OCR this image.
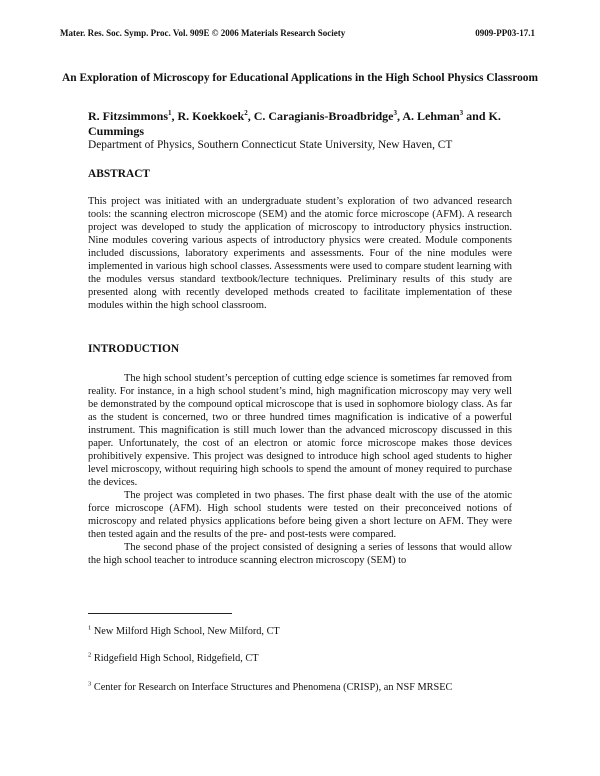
Mater. Res. Soc. Symp. Proc. Vol. 909E © 2006 Materials Research Society	0909-PP03-17.1
An Exploration of Microscopy for Educational Applications in the High School Physics Classroom
R. Fitzsimmons$^1$, R. Koekkoek$^2$, C. Caragianis-Broadbridge$^3$, A. Lehman$^3$ and K. Cummings
Department of Physics, Southern Connecticut State University, New Haven, CT
ABSTRACT

This project was initiated with an undergraduate student’s exploration of two advanced research tools: the scanning electron microscope (SEM) and the atomic force microscope (AFM). A research project was developed to study the application of microscopy to introductory physics instruction. Nine modules covering various aspects of introductory physics were created. Module components included discussions, laboratory experiments and assessments. Four of the nine modules were implemented in various high school classes. Assessments were used to compare student learning with the modules versus standard textbook/lecture techniques. Preliminary results of this study are presented along with recently developed methods created to facilitate implementation of these modules within the high school classroom.

INTRODUCTION

The high school student’s perception of cutting edge science is sometimes far removed from reality. For instance, in a high school student’s mind, high magnification microscopy may very well be demonstrated by the compound optical microscope that is used in sophomore biology class. As far as the student is concerned, two or three hundred times magnification is indicative of a powerful instrument. This magnification is still much lower than the advanced microscopy discussed in this paper. Unfortunately, the cost of an electron or atomic force microscope makes those devices prohibitively expensive. This project was designed to introduce high school aged students to higher level microscopy, without requiring high schools to spend the amount of money required to purchase the devices.

The project was completed in two phases. The first phase dealt with the use of the atomic force microscope (AFM). High school students were tested on their preconceived notions of microscopy and related physics applications before being given a short lecture on AFM. They were then tested again and the results of the pre- and post-tests were compared.

The second phase of the project consisted of designing a series of lessons that would allow the high school teacher to introduce scanning electron microscopy (SEM) to

$^1$ New Milford High School, New Milford, CT
$^2$ Ridgefield High School, Ridgefield, CT
$^3$ Center for Research on Interface Structures and Phenomena (CRISP), an NSF MRSEC
